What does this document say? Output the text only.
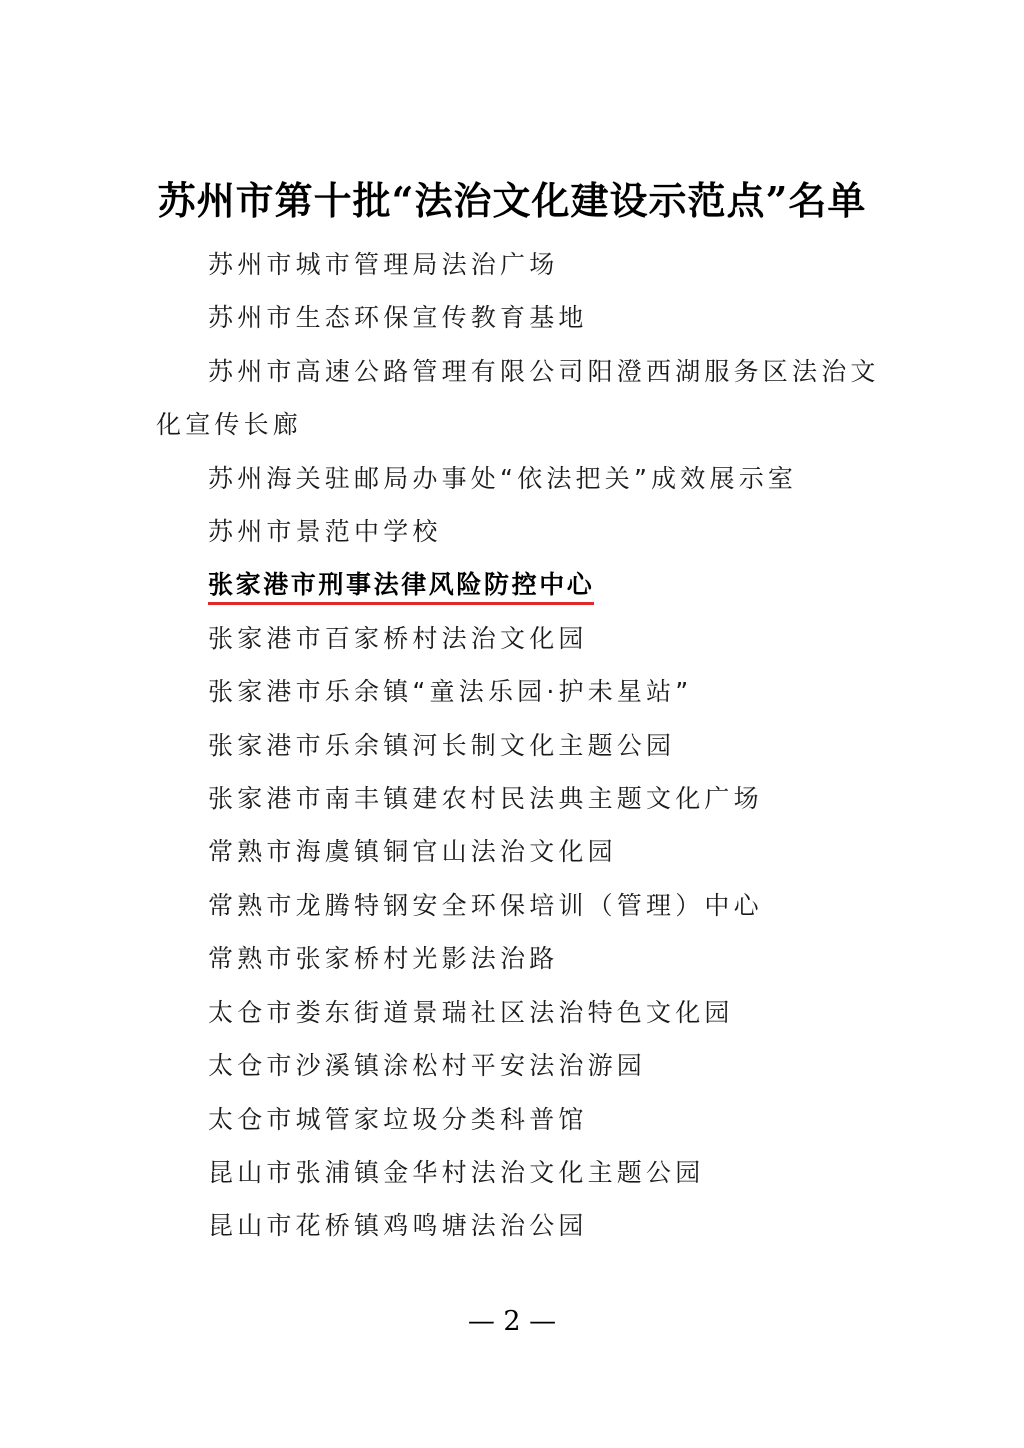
苏州市第十批“法治文化建设示范点”名单
苏州市城市管理局法治广场
苏州市生态环保宣传教育基地
苏州市高速公路管理有限公司阳澄西湖服务区法治文化宣传长廊
苏州海关驻邮局办事处“依法把关”成效展示室
苏州市景范中学校
张家港市刑事法律风险防控中心
张家港市百家桥村法治文化园
张家港市乐余镇“童法乐园·护未星站”
张家港市乐余镇河长制文化主题公园
张家港市南丰镇建农村民法典主题文化广场
常熟市海虞镇铜官山法治文化园
常熟市龙腾特钢安全环保培训（管理）中心
常熟市张家桥村光影法治路
太仓市娄东街道景瑞社区法治特色文化园
太仓市沙溪镇涂松村平安法治游园
太仓市城管家垃圾分类科普馆
昆山市张浦镇金华村法治文化主题公园
昆山市花桥镇鸡鸣塘法治公园
— 2 —
